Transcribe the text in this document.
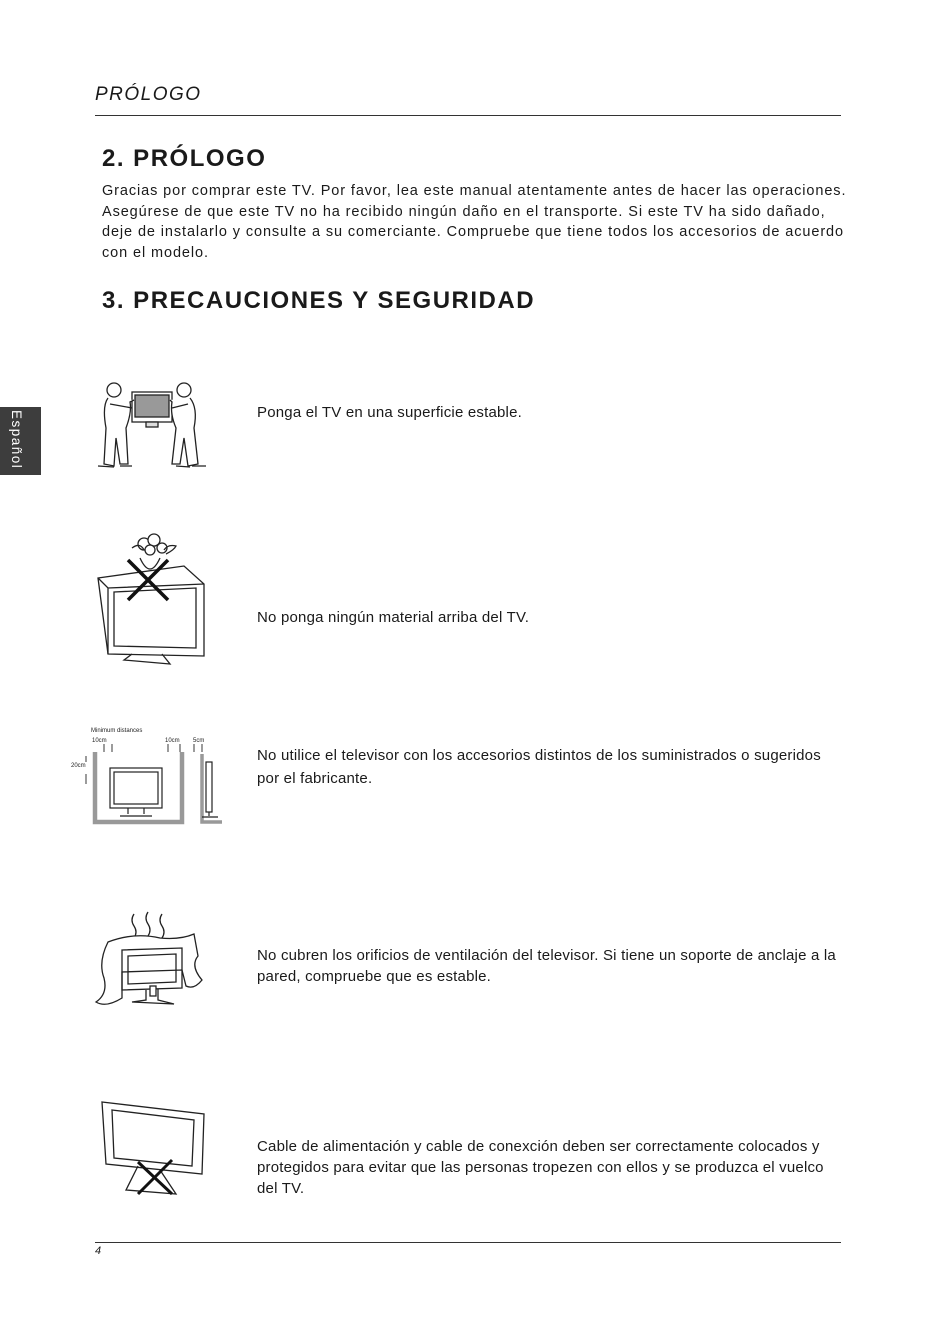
PRÓLOGO
Español
2. PRÓLOGO
Gracias por comprar este TV. Por favor, lea este manual atentamente antes de hacer las operaciones. Asegúrese de que este TV no ha recibido ningún daño en el transporte. Si este TV ha sido dañado, deje de instalarlo y consulte a su comerciante. Compruebe que tiene todos los accesorios de acuerdo con el modelo.
3. PRECAUCIONES Y SEGURIDAD
Ponga el TV en una superficie estable.
No ponga ningún material arriba del TV.
Minimum distances
10cm	10cm 5cm
20cm
No utilice el televisor con los accesorios distintos de los suministrados o sugeridos por el fabricante.
No cubren los orificios de ventilación del televisor. Si tiene un soporte de anclaje a la pared, compruebe que es estable.
Cable de alimentación y cable de conexción deben ser correctamente colocados y protegidos para evitar que las personas tropezen con ellos y se produzca el vuelco del TV.
4
